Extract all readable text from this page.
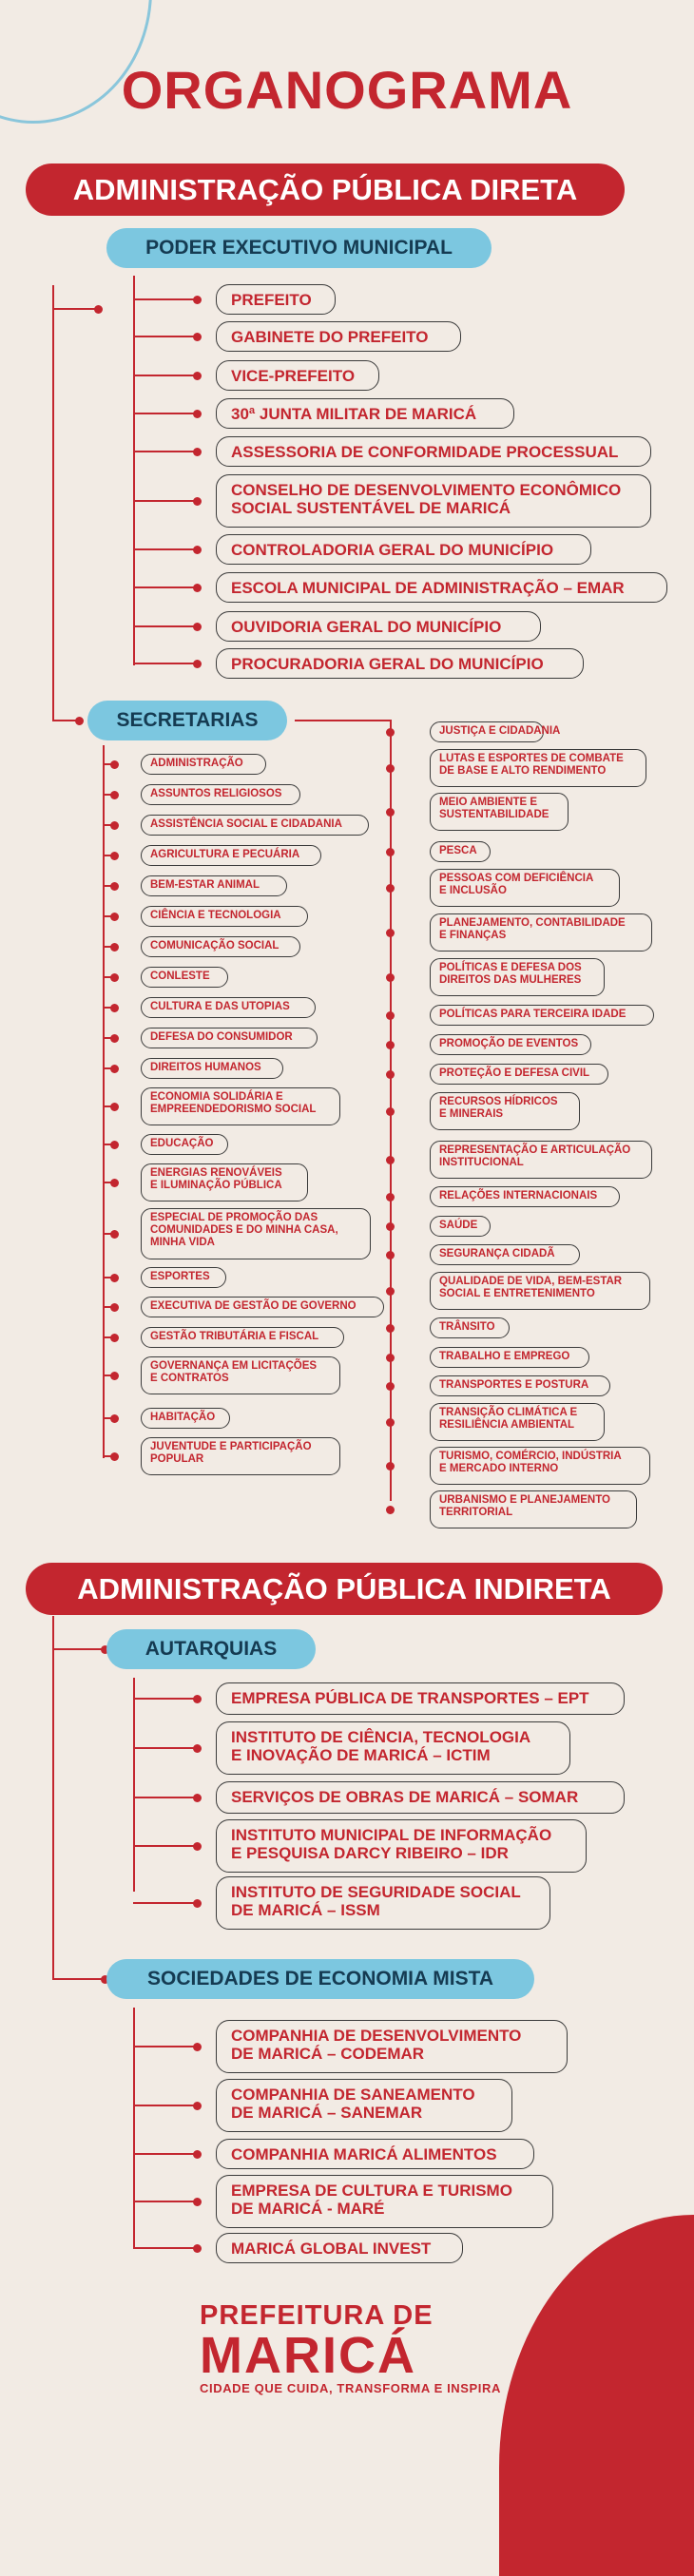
ORGANOGRAMA
ADMINISTRAÇÃO PÚBLICA DIRETA
PODER EXECUTIVO MUNICIPAL
PREFEITO
GABINETE DO PREFEITO
VICE-PREFEITO
30ª JUNTA MILITAR DE MARICÁ
ASSESSORIA DE CONFORMIDADE PROCESSUAL
CONSELHO DE DESENVOLVIMENTO ECONÔMICO
SOCIAL SUSTENTÁVEL DE MARICÁ
CONTROLADORIA GERAL DO MUNICÍPIO
ESCOLA MUNICIPAL DE ADMINISTRAÇÃO – EMAR
OUVIDORIA GERAL DO MUNICÍPIO
PROCURADORIA GERAL DO MUNICÍPIO
SECRETARIAS
ADMINISTRAÇÃO
ASSUNTOS RELIGIOSOS
ASSISTÊNCIA SOCIAL E CIDADANIA
AGRICULTURA E PECUÁRIA
BEM-ESTAR ANIMAL
CIÊNCIA E TECNOLOGIA
COMUNICAÇÃO SOCIAL
CONLESTE
CULTURA E DAS UTOPIAS
DEFESA DO CONSUMIDOR
DIREITOS HUMANOS
ECONOMIA SOLIDÁRIA E
EMPREENDEDORISMO SOCIAL
EDUCAÇÃO
ENERGIAS RENOVÁVEIS
E ILUMINAÇÃO PÚBLICA
ESPECIAL DE PROMOÇÃO DAS
COMUNIDADES E DO MINHA CASA,
MINHA VIDA
ESPORTES
EXECUTIVA DE GESTÃO DE GOVERNO
GESTÃO TRIBUTÁRIA E FISCAL
GOVERNANÇA EM LICITAÇÕES
E CONTRATOS
HABITAÇÃO
JUVENTUDE E PARTICIPAÇÃO
POPULAR
JUSTIÇA E CIDADANIA
LUTAS E ESPORTES DE COMBATE
DE BASE E ALTO RENDIMENTO
MEIO AMBIENTE E
SUSTENTABILIDADE
PESCA
PESSOAS COM DEFICIÊNCIA
E INCLUSÃO
PLANEJAMENTO, CONTABILIDADE
E FINANÇAS
POLÍTICAS E DEFESA DOS
DIREITOS DAS MULHERES
POLÍTICAS PARA TERCEIRA IDADE
PROMOÇÃO DE EVENTOS
PROTEÇÃO E DEFESA CIVIL
RECURSOS HÍDRICOS
E MINERAIS
REPRESENTAÇÃO E ARTICULAÇÃO
INSTITUCIONAL
RELAÇÕES INTERNACIONAIS
SAÚDE
SEGURANÇA CIDADÃ
QUALIDADE DE VIDA, BEM-ESTAR
SOCIAL E ENTRETENIMENTO
TRÂNSITO
TRABALHO E EMPREGO
TRANSPORTES E POSTURA
TRANSIÇÃO CLIMÁTICA E
RESILIÊNCIA AMBIENTAL
TURISMO, COMÉRCIO, INDÚSTRIA
E MERCADO INTERNO
URBANISMO E PLANEJAMENTO
TERRITORIAL
ADMINISTRAÇÃO PÚBLICA INDIRETA
AUTARQUIAS
EMPRESA PÚBLICA DE TRANSPORTES – EPT
INSTITUTO DE CIÊNCIA, TECNOLOGIA
E INOVAÇÃO DE MARICÁ – ICTIM
SERVIÇOS DE OBRAS DE MARICÁ – SOMAR
INSTITUTO MUNICIPAL DE INFORMAÇÃO
E PESQUISA DARCY RIBEIRO – IDR
INSTITUTO DE SEGURIDADE SOCIAL
DE MARICÁ – ISSM
SOCIEDADES DE ECONOMIA MISTA
COMPANHIA DE DESENVOLVIMENTO
DE MARICÁ – CODEMAR
COMPANHIA DE SANEAMENTO
DE MARICÁ – SANEMAR
COMPANHIA MARICÁ ALIMENTOS
EMPRESA DE CULTURA E TURISMO
DE MARICÁ - MARÉ
MARICÁ GLOBAL INVEST
PREFEITURA DE
MARICÁ
CIDADE QUE CUIDA, TRANSFORMA E INSPIRA
